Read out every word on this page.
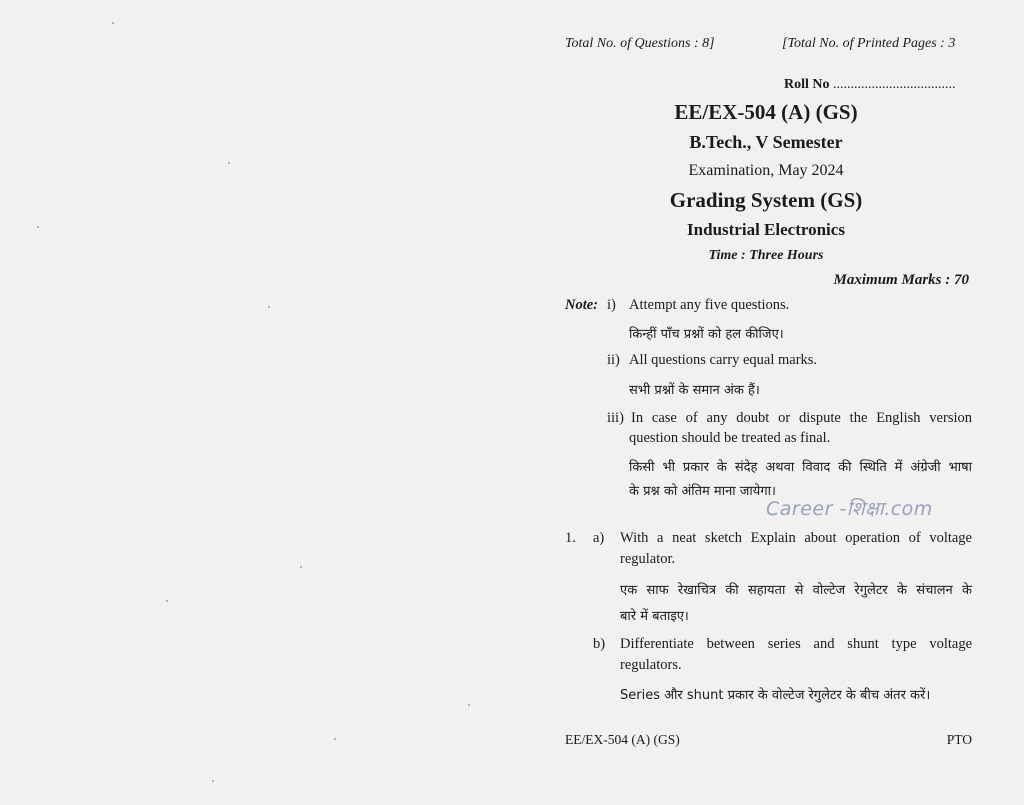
Total No. of Questions : 8]	[Total No. of Printed Pages : 3
Roll No ...................................
EE/EX-504 (A) (GS)
B.Tech., V Semester
Examination, May 2024
Grading System (GS)
Industrial Electronics
Time : Three Hours
Maximum Marks : 70
Note: i) Attempt any five questions.
किन्हीं पाँच प्रश्नों को हल कीजिए।
ii) All questions carry equal marks.
सभी प्रश्नों के समान अंक हैं।
iii) In case of any doubt or dispute the English version
question should be treated as final.
किसी भी प्रकार के संदेह अथवा विवाद की स्थिति में अंग्रेजी भाषा
के प्रश्न को अंतिम माना जायेगा।
Career -शिक्षा.com
1. a) With a neat sketch Explain about operation of voltage
regulator.
एक साफ रेखाचित्र की सहायता से वोल्टेज रेगुलेटर के संचालन के
बारे में बताइए।
b) Differentiate between series and shunt type voltage
regulators.
Series और shunt प्रकार के वोल्टेज रेगुलेटर के बीच अंतर करें।
EE/EX-504 (A) (GS)	PTO
